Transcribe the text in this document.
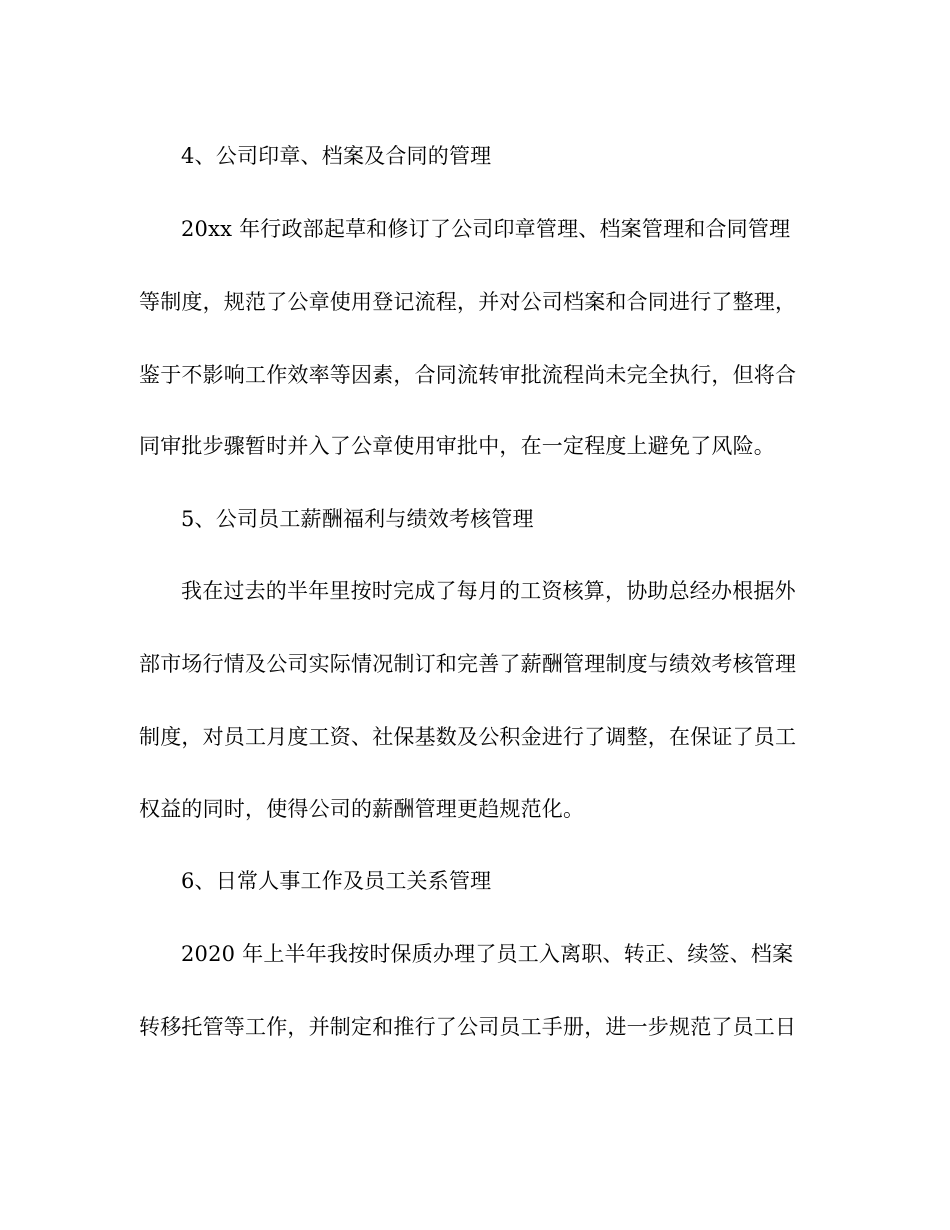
4、公司印章、档案及合同的管理
20xx 年行政部起草和修订了公司印章管理、档案管理和合同管理
等制度，规范了公章使用登记流程，并对公司档案和合同进行了整理，
鉴于不影响工作效率等因素，合同流转审批流程尚未完全执行，但将合
同审批步骤暂时并入了公章使用审批中，在一定程度上避免了风险。
5、公司员工薪酬福利与绩效考核管理
我在过去的半年里按时完成了每月的工资核算，协助总经办根据外
部市场行情及公司实际情况制订和完善了薪酬管理制度与绩效考核管理
制度，对员工月度工资、社保基数及公积金进行了调整，在保证了员工
权益的同时，使得公司的薪酬管理更趋规范化。
6、日常人事工作及员工关系管理
2020 年上半年我按时保质办理了员工入离职、转正、续签、档案
转移托管等工作，并制定和推行了公司员工手册，进一步规范了员工日
